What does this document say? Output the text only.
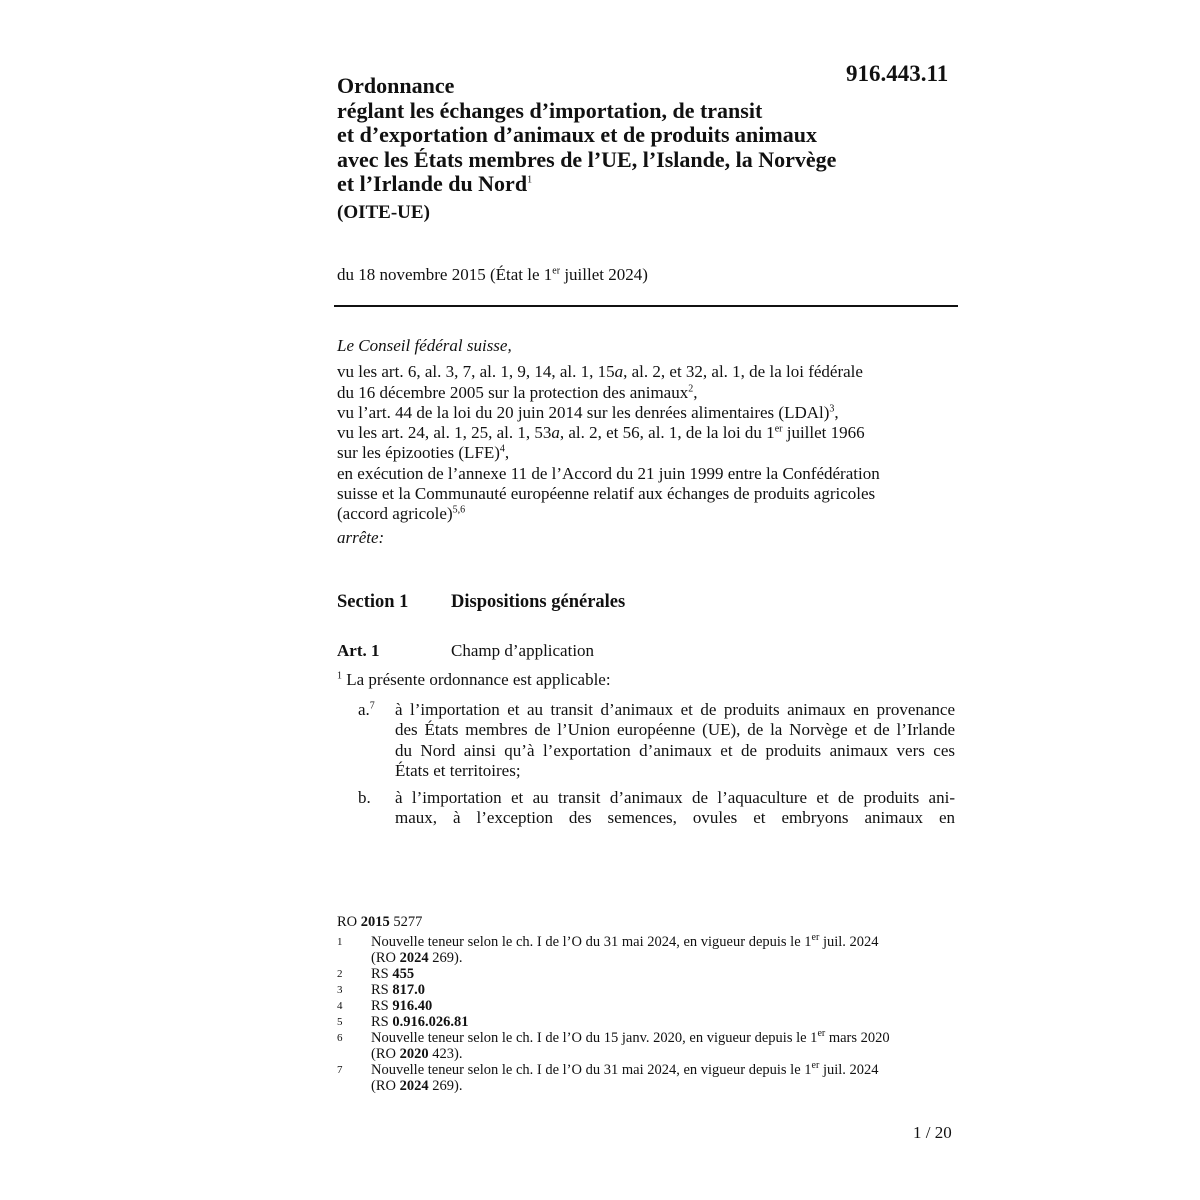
916.443.11
Ordonnance
réglant les échanges d’importation, de transit
et d’exportation d’animaux et de produits animaux
avec les États membres de l’UE, l’Islande, la Norvège
et l’Irlande du Nord$^1$
(OITE-UE)
du 18 novembre 2015 (État le 1er juillet 2024)
Le Conseil fédéral suisse,
vu les art. 6, al. 3, 7, al. 1, 9, 14, al. 1, 15a, al. 2, et 32, al. 1, de la loi fédérale
du 16 décembre 2005 sur la protection des animaux$^2$,
vu l’art. 44 de la loi du 20 juin 2014 sur les denrées alimentaires (LDAl)$^3$,
vu les art. 24, al. 1, 25, al. 1, 53a, al. 2, et 56, al. 1, de la loi du 1er juillet 1966
sur les épizooties (LFE)$^4$,
en exécution de l’annexe 11 de l’Accord du 21 juin 1999 entre la Confédération
suisse et la Communauté européenne relatif aux échanges de produits agricoles
(accord agricole)$^{5,6}$
arrête:
Section 1 Dispositions générales
Art. 1	Champ d’application
$^1$ La présente ordonnance est applicable:
a.$^7$ à l’importation et au transit d’animaux et de produits animaux en provenance
des États membres de l’Union européenne (UE), de la Norvège et de l’Irlande
du Nord ainsi qu’à l’exportation d’animaux et de produits animaux vers ces
États et territoires;
b. à l’importation et au transit d’animaux de l’aquaculture et de produits ani-
maux, à l’exception des semences, ovules et embryons animaux en
RO 2015 5277
1 Nouvelle teneur selon le ch. I de l’O du 31 mai 2024, en vigueur depuis le 1er juil. 2024
(RO 2024 269).
2 RS 455
3 RS 817.0
4 RS 916.40
5 RS 0.916.026.81
6 Nouvelle teneur selon le ch. I de l’O du 15 janv. 2020, en vigueur depuis le 1er mars 2020
(RO 2020 423).
7 Nouvelle teneur selon le ch. I de l’O du 31 mai 2024, en vigueur depuis le 1er juil. 2024
(RO 2024 269).
1 / 20
